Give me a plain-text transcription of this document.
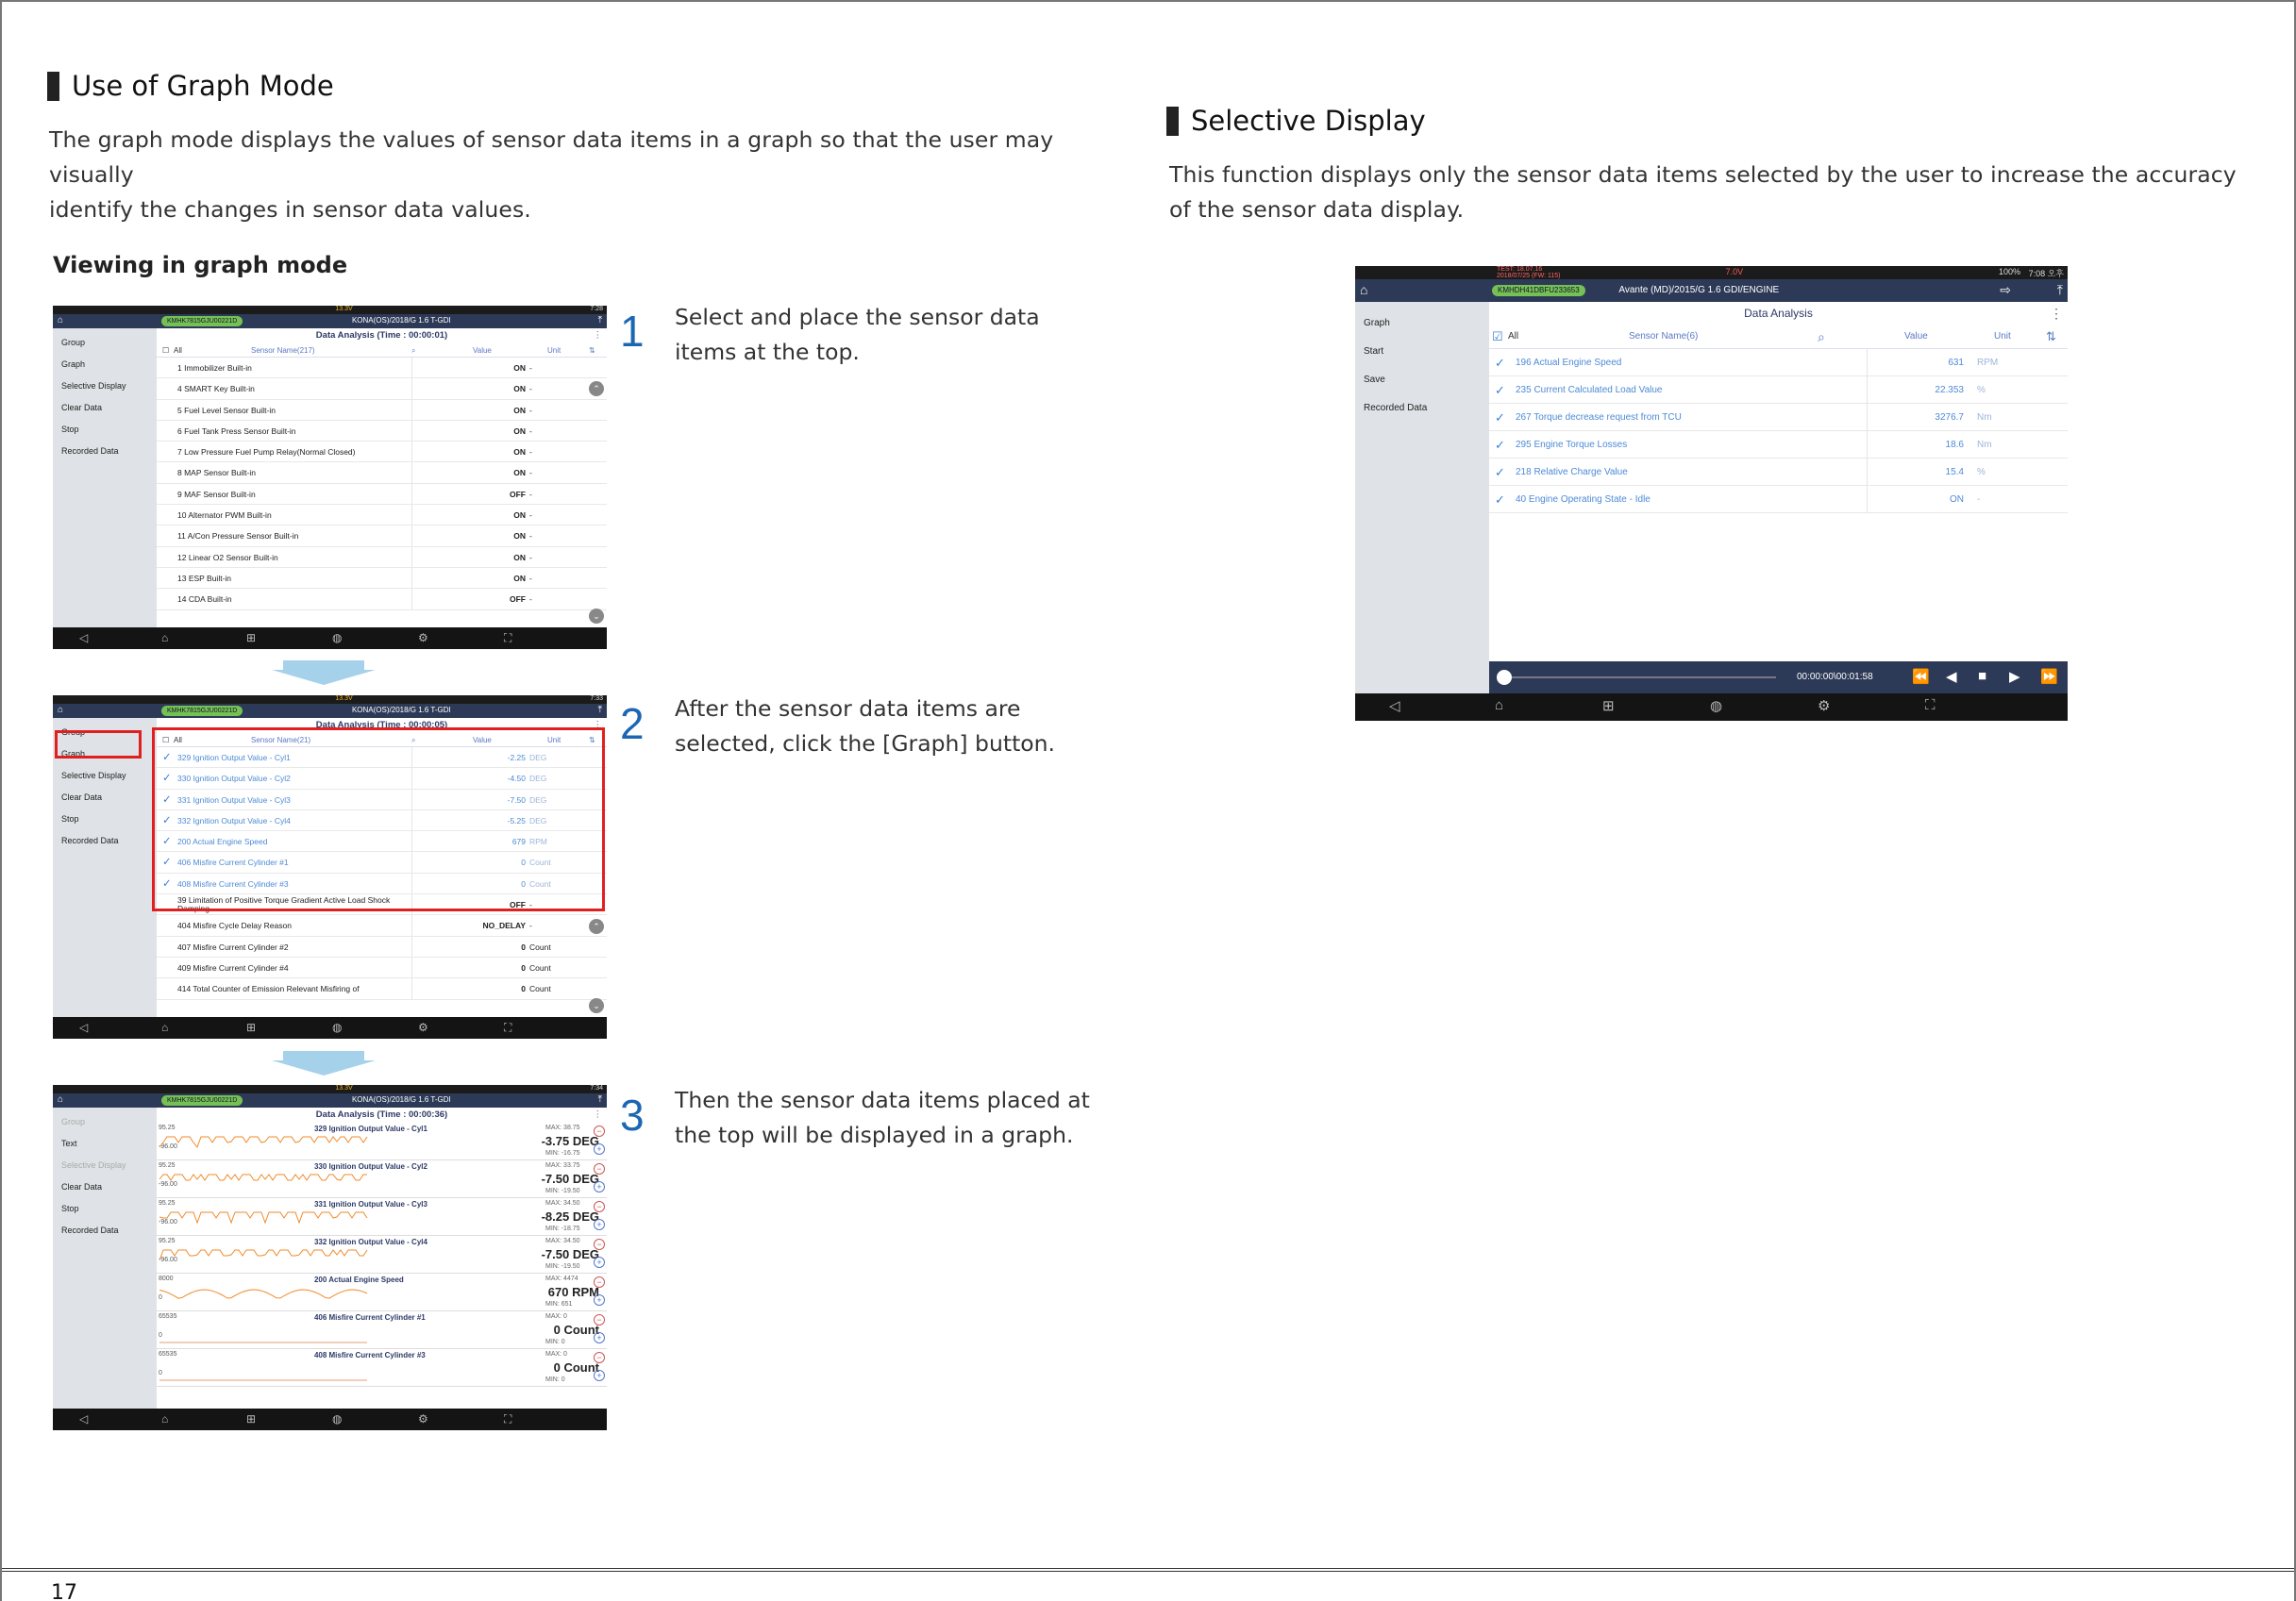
Use of Graph Mode
The graph mode displays the values of sensor data items in a graph so that the user may visually
identify the changes in sensor data values.
Viewing in graph mode
13.3V	7:28
⌂	KMHK7815GJU00221D	KONA(OS)/2018/G 1.6 T-GDI	⤒
Group
Graph
Selective Display
Clear Data
Stop
Recorded Data
Data Analysis (Time : 00:00:01)	⋮
☐ All	Sensor Name(217)	⌕	Value	Unit	⇅
1 Immobilizer Built-in	ON -
4 SMART Key Built-in	ON -
5 Fuel Level Sensor Built-in	ON -
6 Fuel Tank Press Sensor Built-in	ON -
7 Low Pressure Fuel Pump Relay(Normal Closed)	ON -
8 MAP Sensor Built-in	ON -
9 MAF Sensor Built-in	OFF -
10 Alternator PWM Built-in	ON -
11 A/Con Pressure Sensor Built-in	ON -
12 Linear O2 Sensor Built-in	ON -
13 ESP Built-in	ON -
14 CDA Built-in	OFF -
⌃
⌄
◁	⌂	⊞	◍	⚙	⛶
13.3V	7:33
⌂	KMHK7815GJU00221D	KONA(OS)/2018/G 1.6 T-GDI	⤒
Group
Graph
Selective Display
Clear Data
Stop
Recorded Data
Data Analysis (Time : 00:00:05)	⋮
☐ All	Sensor Name(21)	⌕	Value	Unit	⇅
✓ 329 Ignition Output Value - Cyl1	-2.25 DEG
✓ 330 Ignition Output Value - Cyl2	-4.50 DEG
✓ 331 Ignition Output Value - Cyl3	-7.50 DEG
✓ 332 Ignition Output Value - Cyl4	-5.25 DEG
✓ 200 Actual Engine Speed	679 RPM
✓ 406 Misfire Current Cylinder #1	0 Count
✓ 408 Misfire Current Cylinder #3	0 Count
39 Limitation of Positive Torque Gradient Active Load Shock Damping	OFF -
404 Misfire Cycle Delay Reason	NO_DELAY -
407 Misfire Current Cylinder #2	0 Count
409 Misfire Current Cylinder #4	0 Count
414 Total Counter of Emission Relevant Misfiring of	0 Count
⌃
⌄
◁	⌂	⊞	◍	⚙	⛶
13.3V	7:34
⌂	KMHK7815GJU00221D	KONA(OS)/2018/G 1.6 T-GDI	⤒
Group
Text
Selective Display
Clear Data
Stop
Recorded Data
Data Analysis (Time : 00:00:36)	⋮
95.25
-96.00
329 Ignition Output Value - Cyl1	MAX: 38.75
-3.75 DEG
MIN: -16.75
−
+
95.25
-96.00
330 Ignition Output Value - Cyl2	MAX: 33.75
-7.50 DEG
MIN: -19.50
−
+
95.25
-96.00
331 Ignition Output Value - Cyl3	MAX: 34.50
-8.25 DEG
MIN: -18.75
−
+
95.25
-96.00
332 Ignition Output Value - Cyl4	MAX: 34.50
-7.50 DEG
MIN: -19.50
−
+
8000
0
200 Actual Engine Speed	MAX: 4474
670 RPM
MIN: 651
−
+
65535
0
406 Misfire Current Cylinder #1	MAX: 0
0 Count
MIN: 0
−
+
65535
0
408 Misfire Current Cylinder #3	MAX: 0
0 Count
MIN: 0
−
+
◁	⌂	⊞	◍	⚙	⛶
1 Select and place the sensor data
items at the top.
2 After the sensor data items are
selected, click the [Graph] button.
3 Then the sensor data items placed at
the top will be displayed in a graph.
Selective Display
This function displays only the sensor data items selected by the user to increase the accuracy
of the sensor data display.
TEST: 18.07.16
2018/07/25 (FW: 115)	7.0V	100% 7:08 오후
⌂	KMHDH41DBFU233653	Avante (MD)/2015/G 1.6 GDI/ENGINE	⇨	⤒
Graph
Start
Save
Recorded Data
Data Analysis	⋮
☑ All	Sensor Name(6)	⌕	Value	Unit	⇅
✓ 196 Actual Engine Speed	631	RPM
✓ 235 Current Calculated Load Value	22.353	%
✓ 267 Torque decrease request from TCU	3276.7	Nm
✓ 295 Engine Torque Losses	18.6	Nm
✓ 218 Relative Charge Value	15.4	%
✓ 40 Engine Operating State - Idle	ON	-
00:00:00\00:01:58	⏪ ◀ ■ ▶ ⏩
◁	⌂	⊞	◍	⚙	⛶
17
